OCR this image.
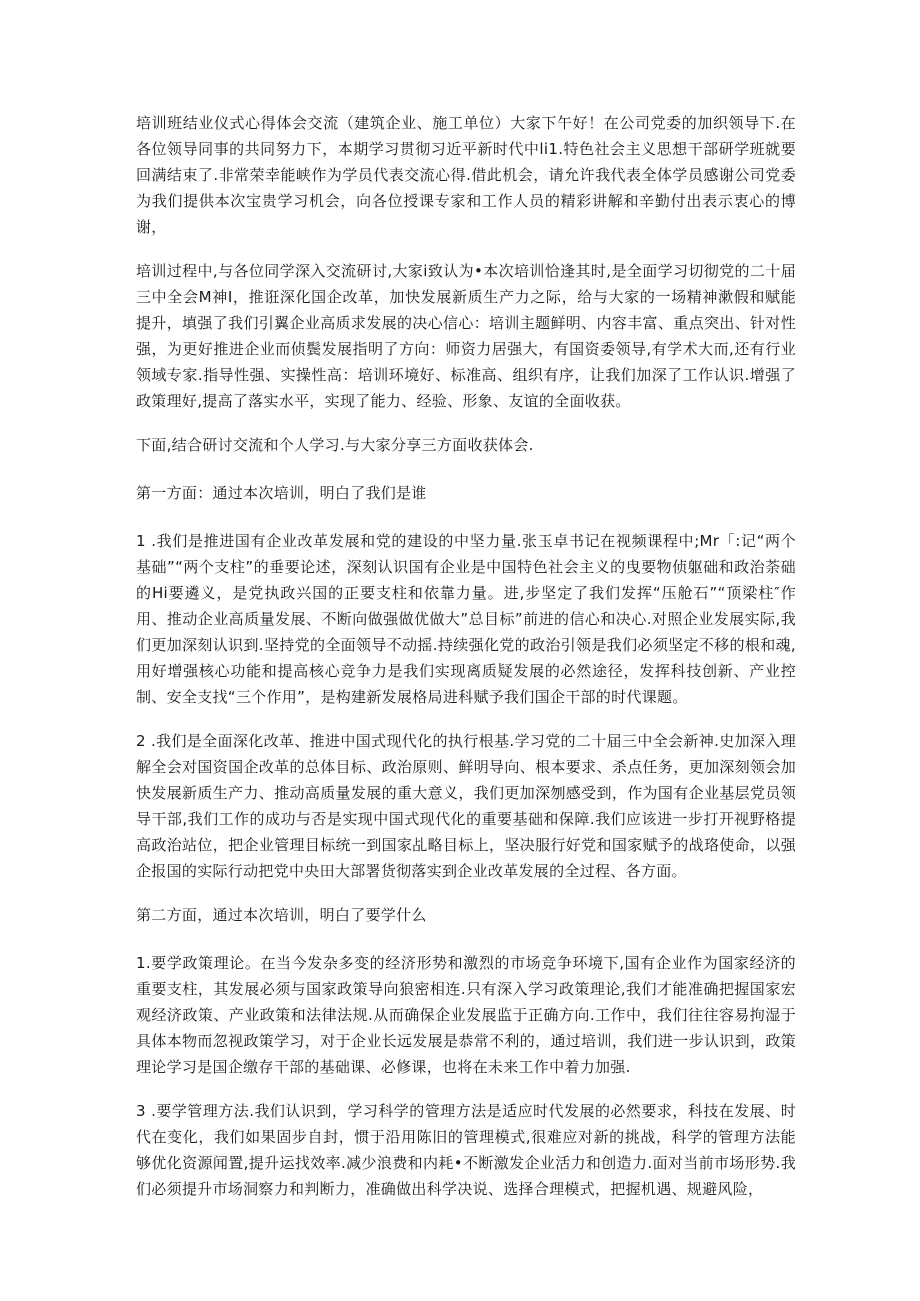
培训班结业仪式心得体会交流（建筑企业、施工单位）大家下午好！在公司党委的加织领导下.在各位领导同事的共同努力下，本期学习贯彻习近平新时代中li1.特色社会主义思想干部研学班就要回满结束了.非常荣幸能峡作为学员代表交流心得.借此机会，请允许我代表全体学员感谢公司党委为我们提供本次宝贵学习机会，向各位授课专家和工作人员的精彩讲解和辛勤付出表示衷心的博谢，

培训过程中,与各位同学深入交流研讨,大家i致认为•本次培训恰逢其时,是全面学习切彻党的二十届三中全会M神I，推诳深化国企改革，加快发展新质生产力之际，给与大家的一场精神漱假和赋能提升，填强了我们引翼企业高质求发展的决心信心：培训主题鲜明、内容丰富、重点突出、针对性强，为更好推进企业而侦鬓发展指明了方向：师资力居强大，有国资委领导,有学术大而,还有行业领域专家.指导性强、实操性高：培训环境好、标准高、组织有序，让我们加深了工作认识.增强了政策理好,提高了落实水平，实现了能力、经验、形象、友谊的全面收获。

下面,结合研讨交流和个人学习.与大家分享三方面收获体会.

第一方面：通过本次培训，明白了我们是谁

1 .我们是推进国有企业改革发展和党的建设的中坚力量.张玉卓书记在视频课程中;Mr「:记“两个基础”“两个支柱”的垂要论述，深刻认识国有企业是中国特色社会主义的曳要物侦躯础和政治荼础的Hi要遴义，是党执政兴国的正要支柱和依靠力量。进,步坚定了我们发挥“压舱石”“顶梁柱″作用、推动企业高质量发展、不断向做强做优做大”总目标”前进的信心和决心.对照企业发展实际,我们更加深刻认识到.坚持党的全面领导不动摇.持续强化党的政治引领是我们必须坚定不移的根和魂,用好增强核心功能和提高核心竞争力是我们实现离质疑发展的必然途径，发挥科技创新、产业控制、安全支找“三个作用”，是构建新发展格局进科赋予我们国企干部的时代课题。

2 .我们是全面深化改革、推进中国式现代化的执行根基.学习党的二十届三中全会新神.史加深入理解全会对国资国企改革的总体目标、政治原则、鲜明导向、根本要求、杀点任务，更加深刻领会加快发展新质生产力、推动高质量发展的重大意义，我们更加深刎感受到，作为国有企业基层党员领导干部,我们工作的成功与否是实现中国式现代化的重要基础和保障.我们应该进一步打开视野格提高政治站位，把企业管理目标统一到国家乩略目标上，坚决服行好党和国家赋予的战珞使命，以强企报国的实际行动把党中央田大部署货彻落实到企业改革发展的全过程、各方面。

第二方面，通过本次培训，明白了要学什么

1.要学政策理论。在当今发杂多变的经济形势和激烈的市场竞争环境下,国有企业作为国家经济的重要支柱，其发展必须与国家政策导向狼密相连.只有深入学习政策理论,我们才能准确把握国家宏观经济政策、产业政策和法律法规.从而确保企业发展监于正确方向.工作中，我们往往容易拘湿于具体本物而忽视政策学习，对于企业长远发展是恭常不利的，通过培训，我们进一步认识到，政策理论学习是国企缴存干部的基础课、必修课，也将在未来工作中着力加强.

3 .要学管理方法.我们认识到，学习科学的管理方法是适应时代发展的必然要求，科技在发展、时代在变化，我们如果固步自封，惯于沿用陈旧的管理模式,很难应对新的挑战，科学的管理方法能够优化资源闻置,提升运找效率.减少浪费和内耗•不断激发企业活力和创造力.面对当前市场形势.我们必须提升市场洞察力和判断力，准确做出科学决说、选择合理模式，把握机遇、规避风险，
